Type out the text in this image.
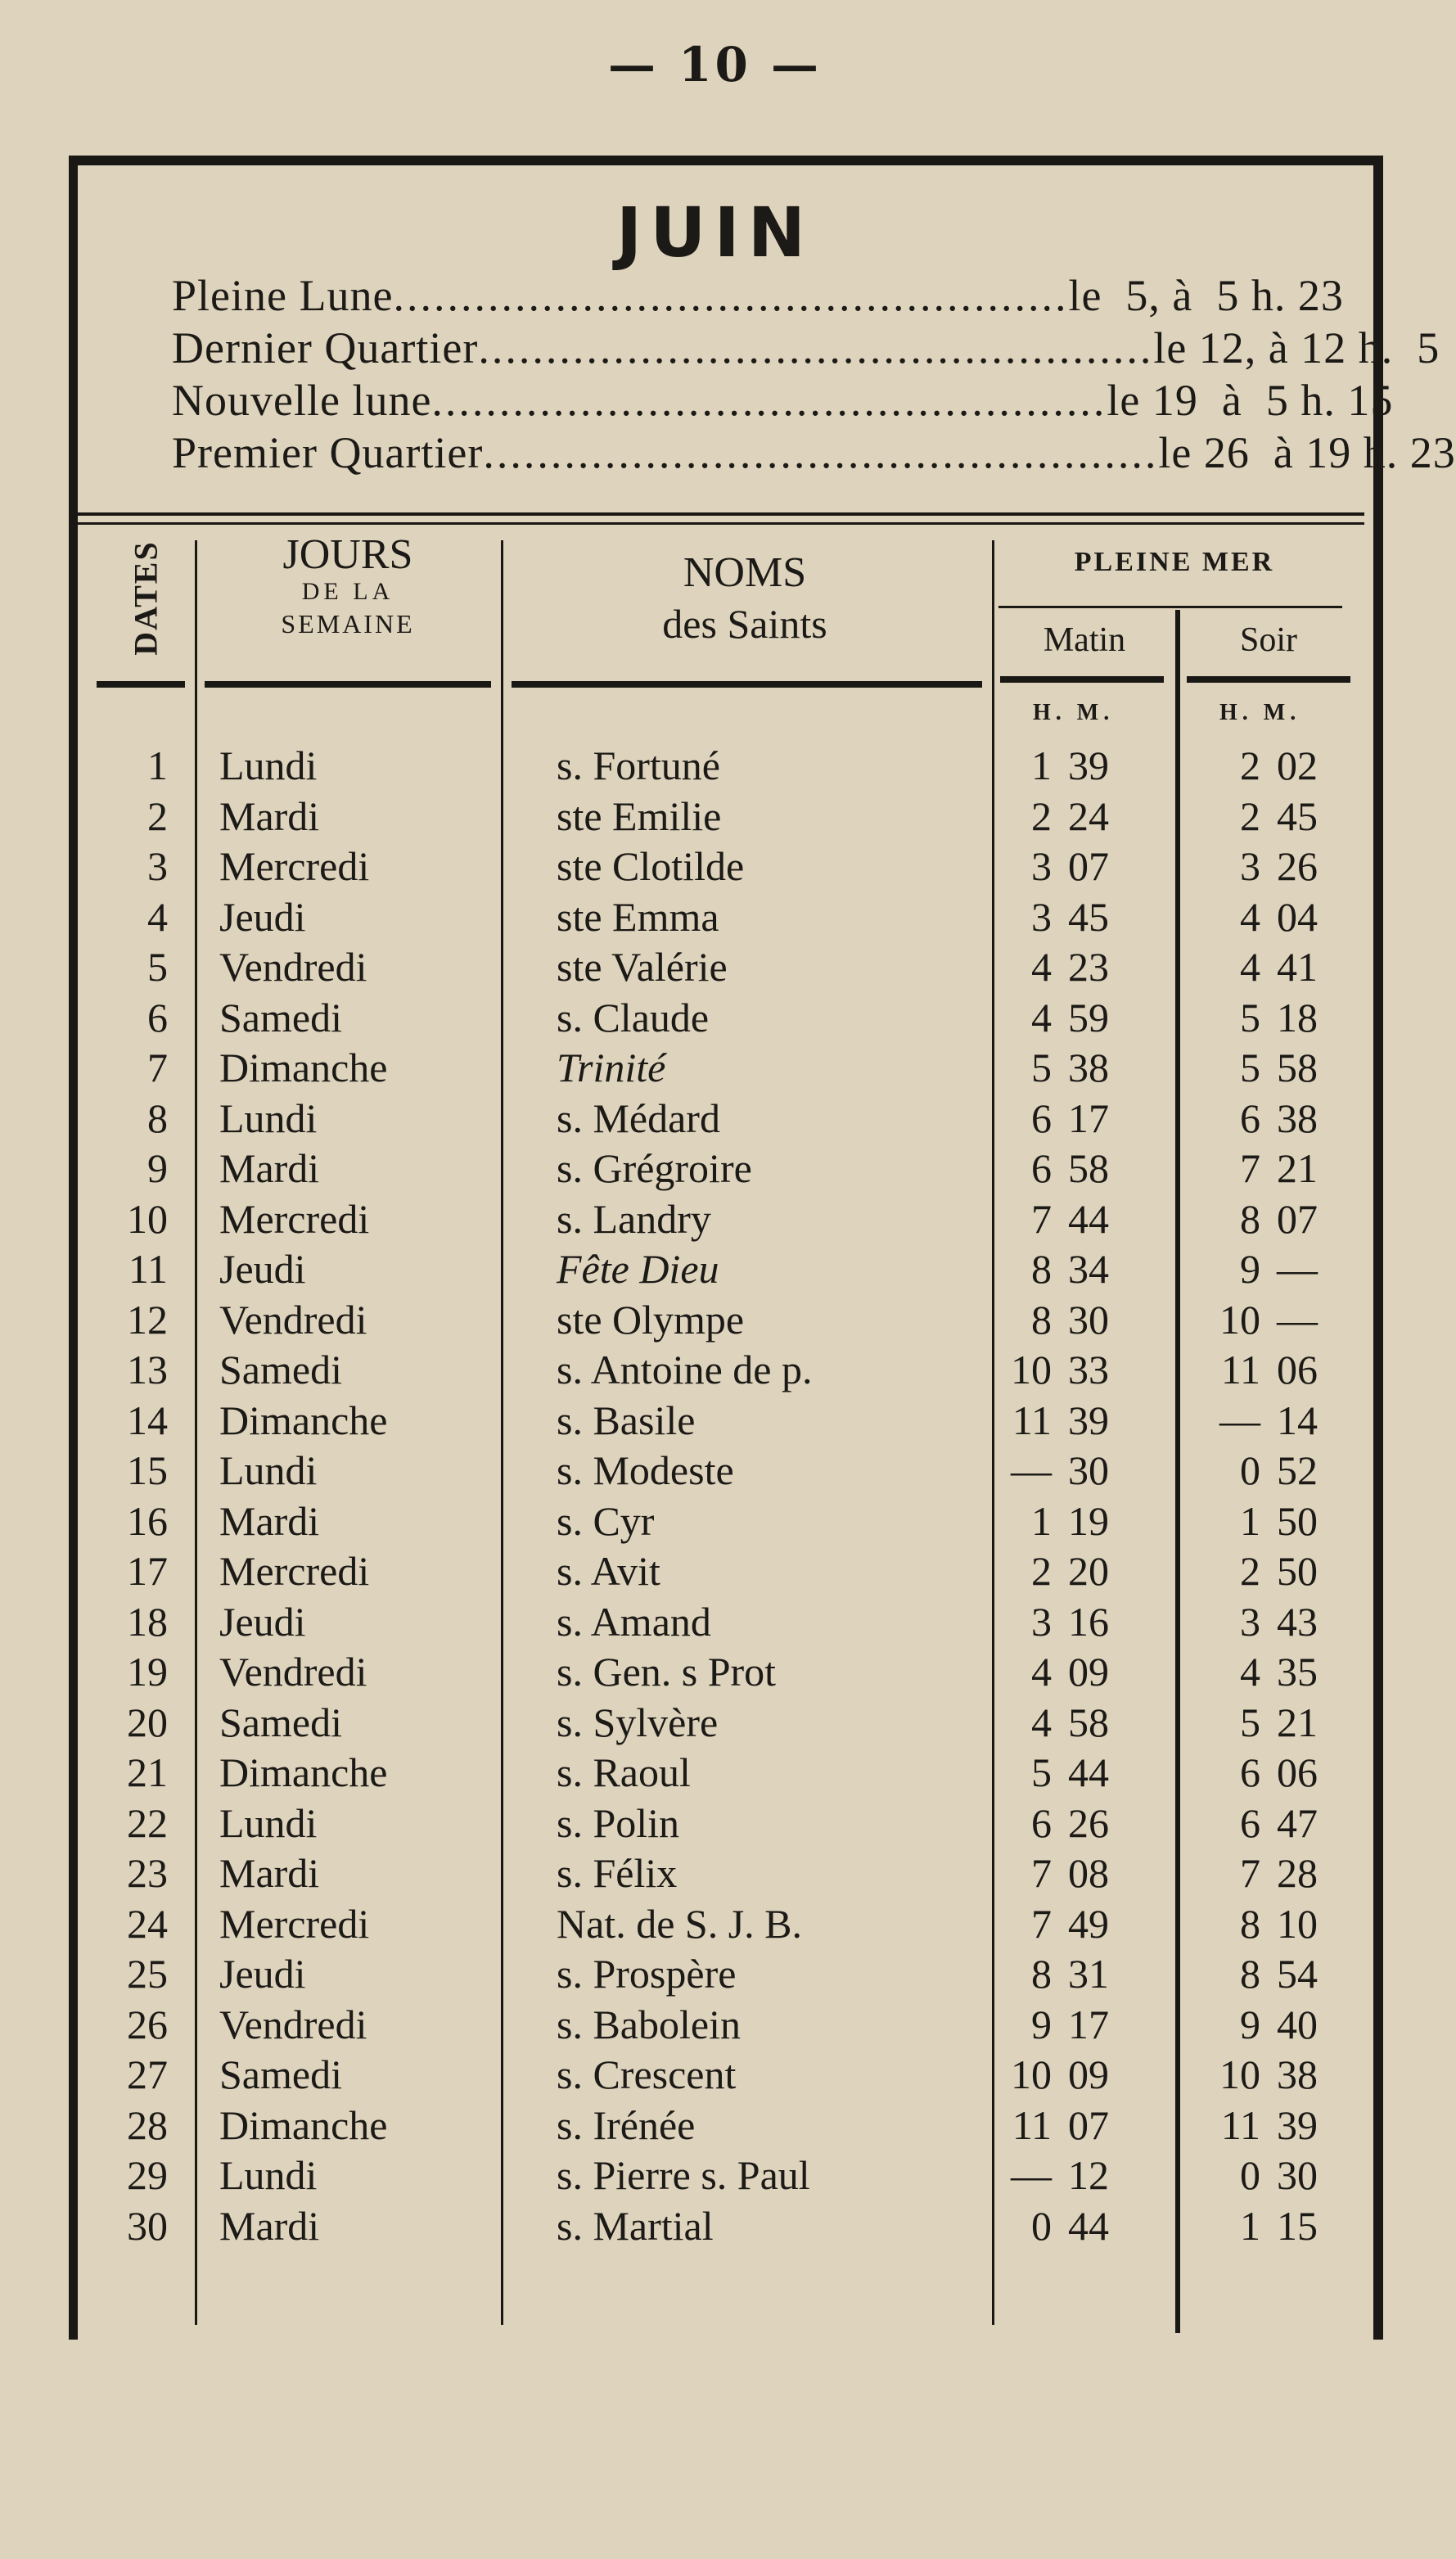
— 10 —
JUIN
Pleine Lune .................................................. le  5, à  5 h. 23
Dernier Quartier .................................................. le 12, à 12 h.  5
Nouvelle lune .................................................. le 19  à  5 h. 15
Premier Quartier .................................................. le 26  à 19 h. 23
DATES	JOURS
DE LA
SEMAINE
NOMS
des Saints
PLEINE MER
Matin	Soir
H. M.	H. M.
1 Lundi	s. Fortuné	1 39	2 02
2 Mardi	ste Emilie	2 24	2 45
3 Mercredi	ste Clotilde	3 07	3 26
4 Jeudi	ste Emma	3 45	4 04
5 Vendredi	ste Valérie	4 23	4 41
6 Samedi	s. Claude	4 59	5 18
7 Dimanche	Trinité	5 38	5 58
8 Lundi	s. Médard	6 17	6 38
9 Mardi	s. Grégroire	6 58	7 21
10 Mercredi	s. Landry	7 44	8 07
11 Jeudi	Fête Dieu	8 34	9 —
12 Vendredi	ste Olympe	8 30	10 —
13 Samedi	s. Antoine de p.	10 33	11 06
14 Dimanche	s. Basile	11 39	— 14
15 Lundi	s. Modeste	— 30	0 52
16 Mardi	s. Cyr	1 19	1 50
17 Mercredi	s. Avit	2 20	2 50
18 Jeudi	s. Amand	3 16	3 43
19 Vendredi	s. Gen. s Prot	4 09	4 35
20 Samedi	s. Sylvère	4 58	5 21
21 Dimanche	s. Raoul	5 44	6 06
22 Lundi	s. Polin	6 26	6 47
23 Mardi	s. Félix	7 08	7 28
24 Mercredi	Nat. de S. J. B.	7 49	8 10
25 Jeudi	s. Prospère	8 31	8 54
26 Vendredi	s. Babolein	9 17	9 40
27 Samedi	s. Crescent	10 09	10 38
28 Dimanche	s. Irénée	11 07	11 39
29 Lundi	s. Pierre s. Paul	— 12	0 30
30 Mardi	s. Martial	0 44	1 15
